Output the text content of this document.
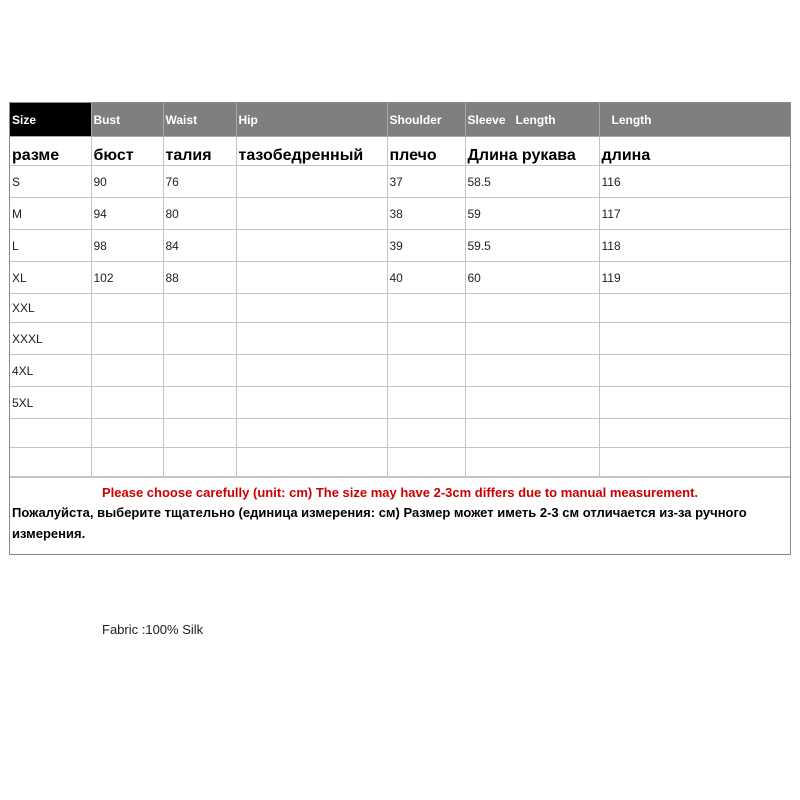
Size	Bust	Waist	Hip	Shoulder	Sleeve   Length	Length
разме	бюст	талия	тазобедренный	плечо	Длина рукава	длина
S	90	76		37	58.5	116
M	94	80		38	59	117
L	98	84		39	59.5	118
XL	102	88		40	60	119
XXL						
XXXL						
4XL						
5XL						

Please choose carefully (unit: cm) The size may have 2-3cm differs due to manual measurement.
Пожалуйста, выберите тщательно (единица измерения: см) Размер может иметь 2-3 см отличается из-за ручного измерения.
Fabric :100% Silk
